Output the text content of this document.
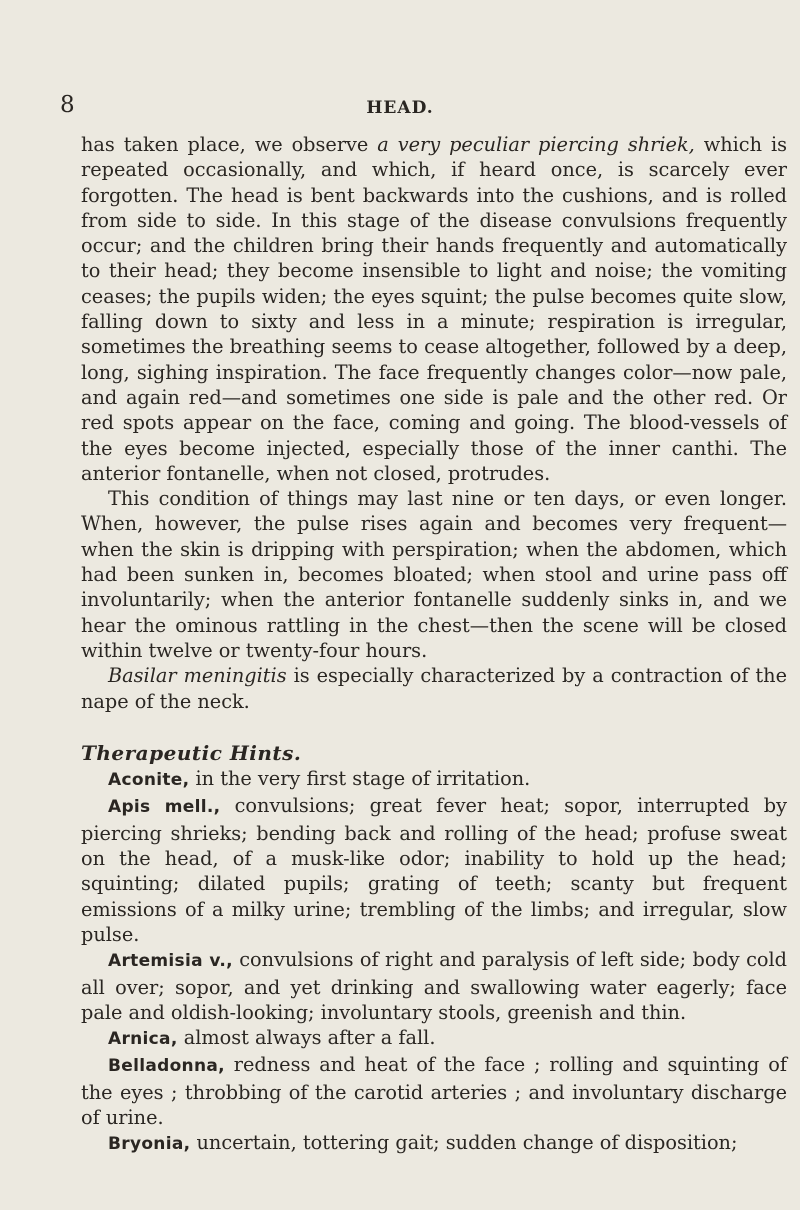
8	HEAD.

has taken place, we observe a very peculiar piercing shriek, which is repeated occasionally, and which, if heard once, is scarcely ever forgotten. The head is bent backwards into the cushions, and is rolled from side to side. In this stage of the disease convulsions frequently occur; and the children bring their hands frequently and automatically to their head; they become insensible to light and noise; the vomiting ceases; the pupils widen; the eyes squint; the pulse becomes quite slow, falling down to sixty and less in a minute; respiration is irregular, sometimes the breathing seems to cease altogether, followed by a deep, long, sighing inspiration. The face frequently changes color—now pale, and again red—and sometimes one side is pale and the other red. Or red spots appear on the face, coming and going. The blood-vessels of the eyes become injected, especially those of the inner canthi. The anterior fontanelle, when not closed, protrudes.

This condition of things may last nine or ten days, or even longer. When, however, the pulse rises again and becomes very frequent—when the skin is dripping with perspiration; when the abdomen, which had been sunken in, becomes bloated; when stool and urine pass off involuntarily; when the anterior fontanelle suddenly sinks in, and we hear the ominous rattling in the chest—then the scene will be closed within twelve or twenty-four hours.

Basilar meningitis is especially characterized by a contraction of the nape of the neck.

Therapeutic Hints.

Aconite, in the very first stage of irritation.

Apis mell., convulsions; great fever heat; sopor, interrupted by piercing shrieks; bending back and rolling of the head; profuse sweat on the head, of a musk-like odor; inability to hold up the head; squinting; dilated pupils; grating of teeth; scanty but frequent emissions of a milky urine; trembling of the limbs; and irregular, slow pulse.

Artemisia v., convulsions of right and paralysis of left side; body cold all over; sopor, and yet drinking and swallowing water eagerly; face pale and oldish-looking; involuntary stools, greenish and thin.

Arnica, almost always after a fall.

Belladonna, redness and heat of the face ; rolling and squinting of the eyes ; throbbing of the carotid arteries ; and involuntary discharge of urine.

Bryonia, uncertain, tottering gait; sudden change of disposition;
